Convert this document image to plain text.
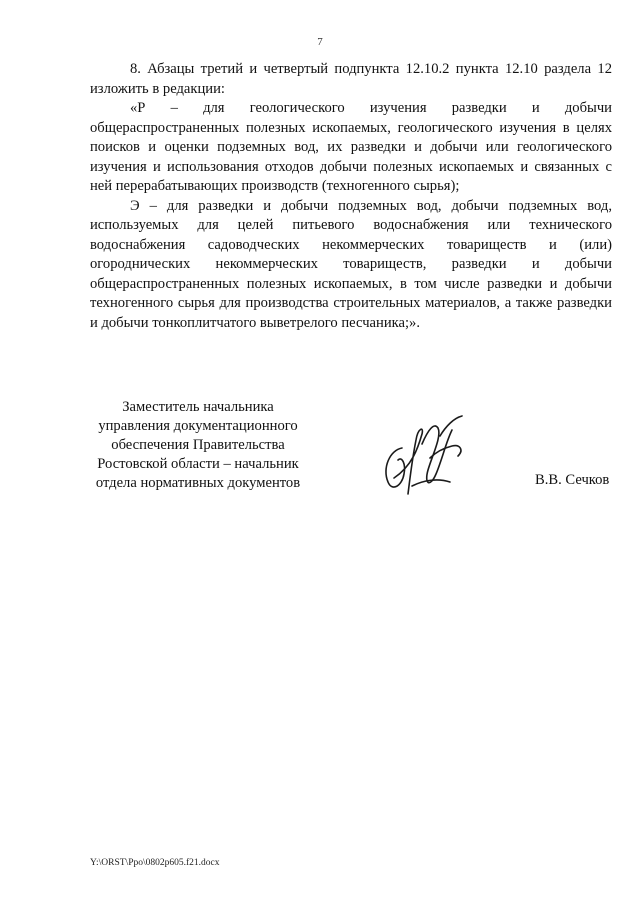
7

8. Абзацы третий и четвертый подпункта 12.10.2 пункта 12.10 раздела 12 изложить в редакции:

«Р – для геологического изучения разведки и добычи общераспространенных полезных ископаемых, геологического изучения в целях поисков и оценки подземных вод, их разведки и добычи или геологического изучения и использования отходов добычи полезных ископаемых и связанных с ней перерабатывающих производств (техногенного сырья);

Э – для разведки и добычи подземных вод, добычи подземных вод, используемых для целей питьевого водоснабжения или технического водоснабжения садоводческих некоммерческих товариществ и (или) огороднических некоммерческих товариществ, разведки и добычи общераспространенных полезных ископаемых, в том числе разведки и добычи техногенного сырья для производства строительных материалов, а также разведки и добычи тонкоплитчатого выветрелого песчаника;».

Заместитель начальника
управления документационного
обеспечения Правительства
Ростовской области – начальник
отдела нормативных документов	В.В. Сечков
Y:\ORST\Ppo\0802p605.f21.docx
